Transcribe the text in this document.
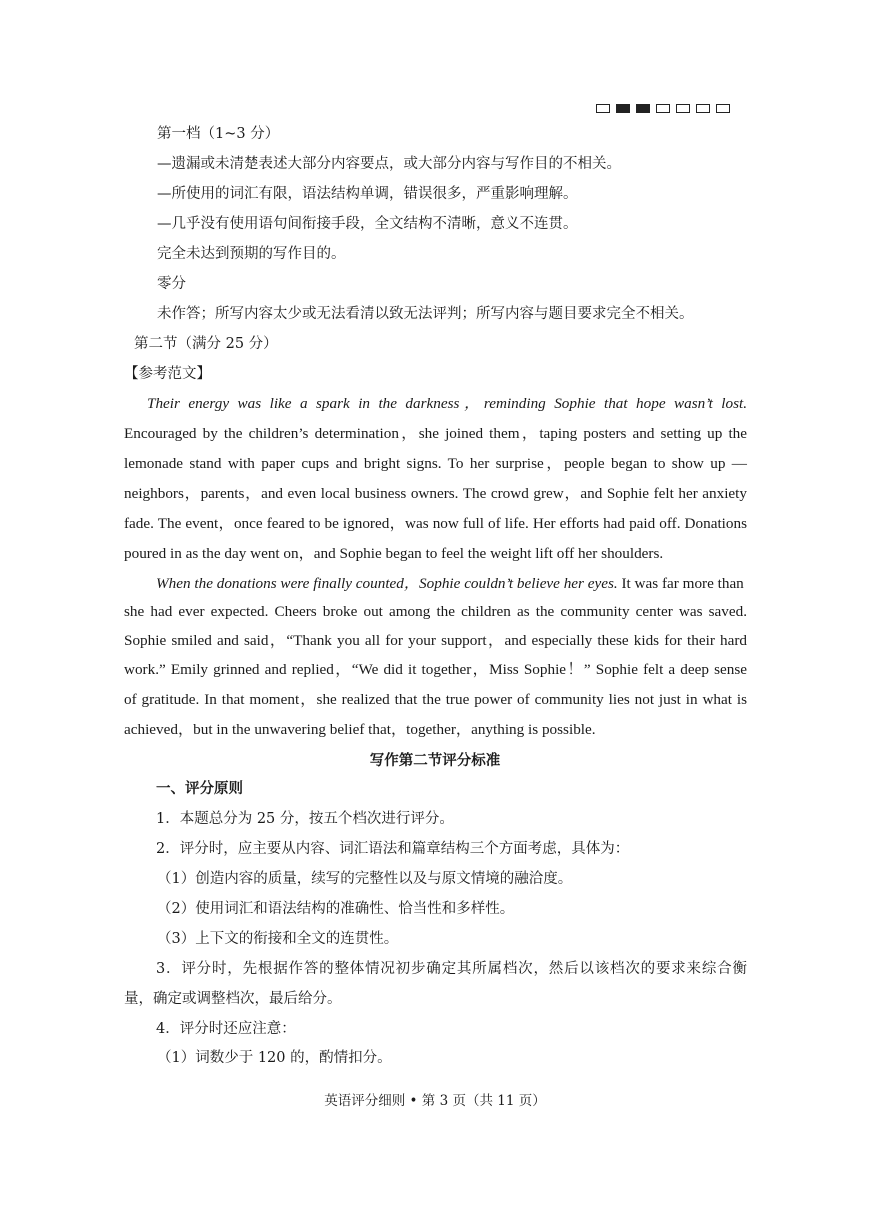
第一档（1~3 分）
—遗漏或未清楚表述大部分内容要点，或大部分内容与写作目的不相关。
—所使用的词汇有限，语法结构单调，错误很多，严重影响理解。
—几乎没有使用语句间衔接手段，全文结构不清晰，意义不连贯。
完全未达到预期的写作目的。
零分
未作答；所写内容太少或无法看清以致无法评判；所写内容与题目要求完全不相关。
第二节（满分 25 分）
【参考范文】
Their energy was like a spark in the darkness，reminding Sophie that hope wasn’t lost.
Encouraged by the children’s determination，she joined them，taping posters and setting up the
lemonade stand with paper cups and bright signs. To her surprise，people began to show up —
neighbors，parents，and even local business owners. The crowd grew，and Sophie felt her anxiety
fade. The event，once feared to be ignored，was now full of life. Her efforts had paid off. Donations
poured in as the day went on，and Sophie began to feel the weight lift off her shoulders.
When the donations were finally counted，Sophie couldn’t believe her eyes. It was far more than
she had ever expected. Cheers broke out among the children as the community center was saved.
Sophie smiled and said，“Thank you all for your support，and especially these kids for their hard
work.” Emily grinned and replied，“We did it together，Miss Sophie！” Sophie felt a deep sense
of gratitude. In that moment，she realized that the true power of community lies not just in what is
achieved，but in the unwavering belief that，together，anything is possible.
写作第二节评分标准
一、评分原则
1．本题总分为 25 分，按五个档次进行评分。
2．评分时，应主要从内容、词汇语法和篇章结构三个方面考虑，具体为：
（1）创造内容的质量，续写的完整性以及与原文情境的融洽度。
（2）使用词汇和语法结构的准确性、恰当性和多样性。
（3）上下文的衔接和全文的连贯性。
3．评分时，先根据作答的整体情况初步确定其所属档次，然后以该档次的要求来综合衡
量，确定或调整档次，最后给分。
4．评分时还应注意：
（1）词数少于 120 的，酌情扣分。
英语评分细则 • 第 3 页（共 11 页）
